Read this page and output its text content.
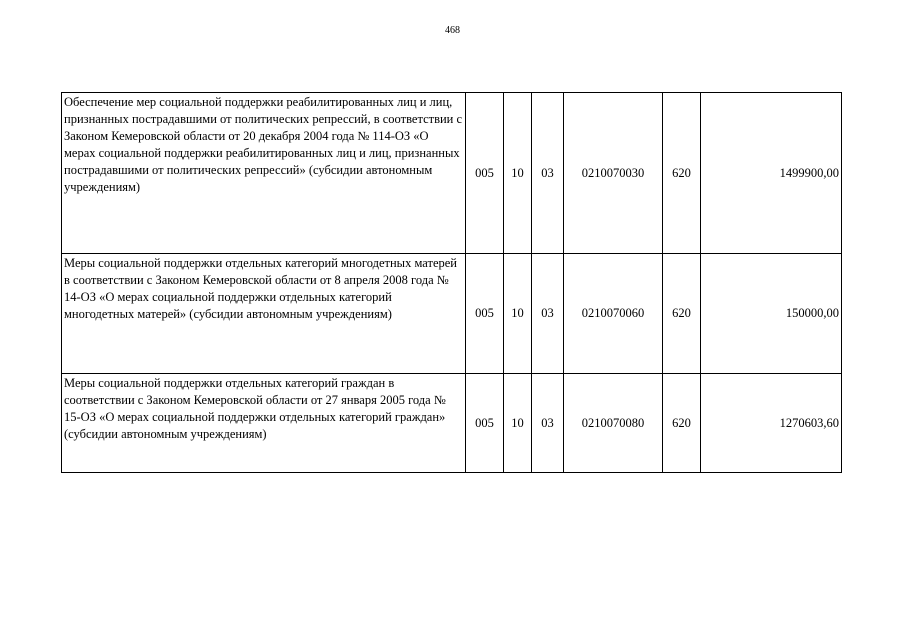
468
Обеспечение мер социальной поддержки реабилитированных лиц и лиц, признанных пострадавшими от политических репрессий, в соответствии с Законом Кемеровской области от 20 декабря 2004 года № 114-ОЗ «О мерах социальной поддержки реабилитированных лиц и лиц, признанных пострадавшими от политических репрессий» (субсидии автономным учреждениям)	005	10	03	0210070030	620	1499900,00
Меры социальной поддержки отдельных категорий многодетных матерей в соответствии с Законом Кемеровской области от 8 апреля 2008 года № 14-ОЗ «О мерах социальной поддержки отдельных категорий многодетных матерей» (субсидии автономным учреждениям)	005	10	03	0210070060	620	150000,00
Меры социальной поддержки отдельных категорий граждан в соответствии с Законом Кемеровской области от 27 января 2005 года № 15-ОЗ «О мерах социальной поддержки отдельных категорий граждан» (субсидии автономным учреждениям)	005	10	03	0210070080	620	1270603,60
